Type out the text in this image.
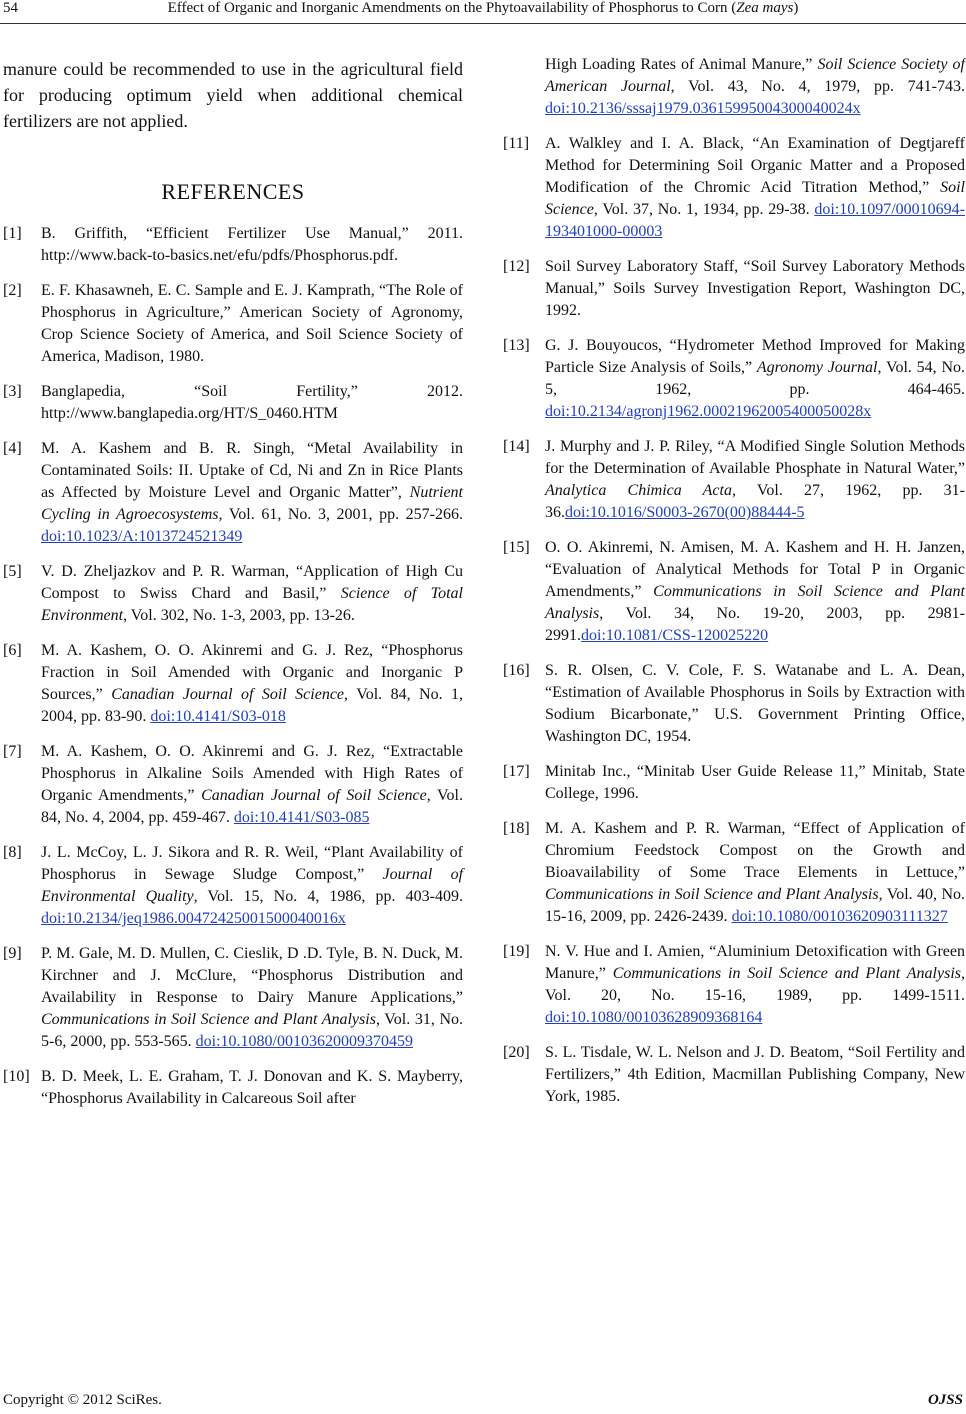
54	Effect of Organic and Inorganic Amendments on the Phytoavailability of Phosphorus to Corn (Zea mays)

manure could be recommended to use in the agricultural field for producing optimum yield when additional chemical fertilizers are not applied.

REFERENCES
[1] B. Griffith, “Efficient Fertilizer Use Manual,” 2011. http://www.back-to-basics.net/efu/pdfs/Phosphorus.pdf.
[2] E. F. Khasawneh, E. C. Sample and E. J. Kamprath, “The Role of Phosphorus in Agriculture,” American Society of Agronomy, Crop Science Society of America, and Soil Science Society of America, Madison, 1980.
[3] Banglapedia, “Soil Fertility,” 2012. http://www.banglapedia.org/HT/S_0460.HTM
[4] M. A. Kashem and B. R. Singh, “Metal Availability in Contaminated Soils: II. Uptake of Cd, Ni and Zn in Rice Plants as Affected by Moisture Level and Organic Matter”, Nutrient Cycling in Agroecosystems, Vol. 61, No. 3, 2001, pp. 257-266. doi:10.1023/A:1013724521349
[5] V. D. Zheljazkov and P. R. Warman, “Application of High Cu Compost to Swiss Chard and Basil,” Science of Total Environment, Vol. 302, No. 1-3, 2003, pp. 13-26.
[6] M. A. Kashem, O. O. Akinremi and G. J. Rez, “Phosphorus Fraction in Soil Amended with Organic and Inorganic P Sources,” Canadian Journal of Soil Science, Vol. 84, No. 1, 2004, pp. 83-90. doi:10.4141/S03-018
[7] M. A. Kashem, O. O. Akinremi and G. J. Rez, “Extractable Phosphorus in Alkaline Soils Amended with High Rates of Organic Amendments,” Canadian Journal of Soil Science, Vol. 84, No. 4, 2004, pp. 459-467. doi:10.4141/S03-085
[8] J. L. McCoy, L. J. Sikora and R. R. Weil, “Plant Availability of Phosphorus in Sewage Sludge Compost,” Journal of Environmental Quality, Vol. 15, No. 4, 1986, pp. 403-409. doi:10.2134/jeq1986.00472425001500040016x
[9] P. M. Gale, M. D. Mullen, C. Cieslik, D .D. Tyle, B. N. Duck, M. Kirchner and J. McClure, “Phosphorus Distribution and Availability in Response to Dairy Manure Applications,” Communications in Soil Science and Plant Analysis, Vol. 31, No. 5-6, 2000, pp. 553-565. doi:10.1080/00103620009370459
[10] B. D. Meek, L. E. Graham, T. J. Donovan and K. S. Mayberry, “Phosphorus Availability in Calcareous Soil after
High Loading Rates of Animal Manure,” Soil Science Society of American Journal, Vol. 43, No. 4, 1979, pp. 741-743. doi:10.2136/sssaj1979.03615995004300040024x
[11] A. Walkley and I. A. Black, “An Examination of Degtjareff Method for Determining Soil Organic Matter and a Proposed Modification of the Chromic Acid Titration Method,” Soil Science, Vol. 37, No. 1, 1934, pp. 29-38. doi:10.1097/00010694-193401000-00003
[12] Soil Survey Laboratory Staff, “Soil Survey Laboratory Methods Manual,” Soils Survey Investigation Report, Washington DC, 1992.
[13] G. J. Bouyoucos, “Hydrometer Method Improved for Making Particle Size Analysis of Soils,” Agronomy Journal, Vol. 54, No. 5, 1962, pp. 464-465. doi:10.2134/agronj1962.00021962005400050028x
[14] J. Murphy and J. P. Riley, “A Modified Single Solution Methods for the Determination of Available Phosphate in Natural Water,” Analytica Chimica Acta, Vol. 27, 1962, pp. 31-36.doi:10.1016/S0003-2670(00)88444-5
[15] O. O. Akinremi, N. Amisen, M. A. Kashem and H. H. Janzen, “Evaluation of Analytical Methods for Total P in Organic Amendments,” Communications in Soil Science and Plant Analysis, Vol. 34, No. 19-20, 2003, pp. 2981-2991.doi:10.1081/CSS-120025220
[16] S. R. Olsen, C. V. Cole, F. S. Watanabe and L. A. Dean, “Estimation of Available Phosphorus in Soils by Extraction with Sodium Bicarbonate,” U.S. Government Printing Office, Washington DC, 1954.
[17] Minitab Inc., “Minitab User Guide Release 11,” Minitab, State College, 1996.
[18] M. A. Kashem and P. R. Warman, “Effect of Application of Chromium Feedstock Compost on the Growth and Bioavailability of Some Trace Elements in Lettuce,” Communications in Soil Science and Plant Analysis, Vol. 40, No. 15-16, 2009, pp. 2426-2439. doi:10.1080/00103620903111327
[19] N. V. Hue and I. Amien, “Aluminium Detoxification with Green Manure,” Communications in Soil Science and Plant Analysis, Vol. 20, No. 15-16, 1989, pp. 1499-1511. doi:10.1080/00103628909368164
[20] S. L. Tisdale, W. L. Nelson and J. D. Beatom, “Soil Fertility and Fertilizers,” 4th Edition, Macmillan Publishing Company, New York, 1985.
Copyright © 2012 SciRes.	OJSS
